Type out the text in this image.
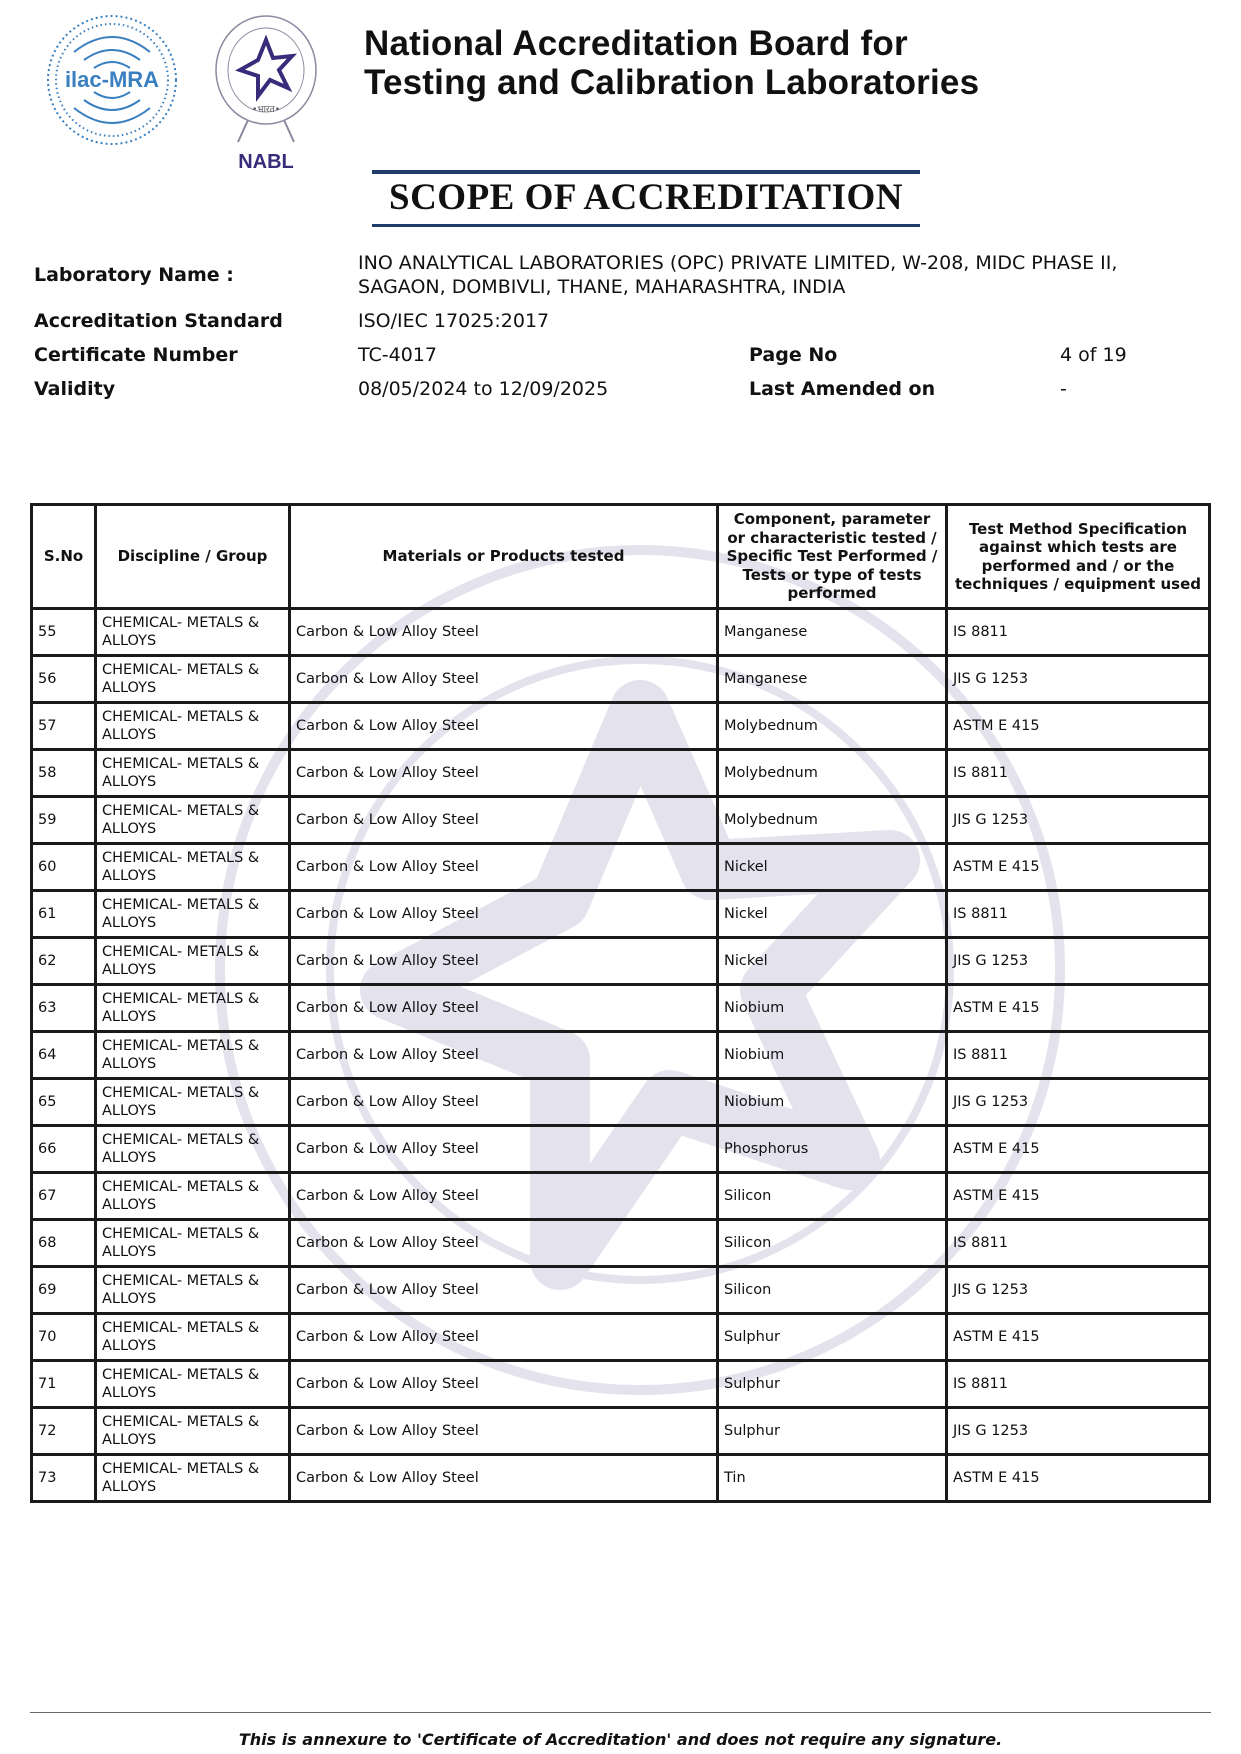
ilac-MRA
•भारत•
NABL
National Accreditation Board for
Testing and Calibration Laboratories
SCOPE OF ACCREDITATION
Laboratory Name :
INO ANALYTICAL LABORATORIES (OPC) PRIVATE LIMITED, W-208, MIDC PHASE II,
SAGAON, DOMBIVLI, THANE, MAHARASHTRA, INDIA
Accreditation Standard	ISO/IEC 17025:2017
Certificate Number	TC-4017	Page No	4 of 19
Validity	08/05/2024 to 12/09/2025	Last Amended on	-
S.No	Discipline / Group	Materials or Products tested	Component, parameter or characteristic tested / Specific Test Performed / Tests or type of tests performed	Test Method Specification against which tests are performed and / or the techniques / equipment used
55	CHEMICAL- METALS & ALLOYS	Carbon & Low Alloy Steel	Manganese	IS 8811
56	CHEMICAL- METALS & ALLOYS	Carbon & Low Alloy Steel	Manganese	JIS G 1253
57	CHEMICAL- METALS & ALLOYS	Carbon & Low Alloy Steel	Molybednum	ASTM E 415
58	CHEMICAL- METALS & ALLOYS	Carbon & Low Alloy Steel	Molybednum	IS 8811
59	CHEMICAL- METALS & ALLOYS	Carbon & Low Alloy Steel	Molybednum	JIS G 1253
60	CHEMICAL- METALS & ALLOYS	Carbon & Low Alloy Steel	Nickel	ASTM E 415
61	CHEMICAL- METALS & ALLOYS	Carbon & Low Alloy Steel	Nickel	IS 8811
62	CHEMICAL- METALS & ALLOYS	Carbon & Low Alloy Steel	Nickel	JIS G 1253
63	CHEMICAL- METALS & ALLOYS	Carbon & Low Alloy Steel	Niobium	ASTM E 415
64	CHEMICAL- METALS & ALLOYS	Carbon & Low Alloy Steel	Niobium	IS 8811
65	CHEMICAL- METALS & ALLOYS	Carbon & Low Alloy Steel	Niobium	JIS G 1253
66	CHEMICAL- METALS & ALLOYS	Carbon & Low Alloy Steel	Phosphorus	ASTM E 415
67	CHEMICAL- METALS & ALLOYS	Carbon & Low Alloy Steel	Silicon	ASTM E 415
68	CHEMICAL- METALS & ALLOYS	Carbon & Low Alloy Steel	Silicon	IS 8811
69	CHEMICAL- METALS & ALLOYS	Carbon & Low Alloy Steel	Silicon	JIS G 1253
70	CHEMICAL- METALS & ALLOYS	Carbon & Low Alloy Steel	Sulphur	ASTM E 415
71	CHEMICAL- METALS & ALLOYS	Carbon & Low Alloy Steel	Sulphur	IS 8811
72	CHEMICAL- METALS & ALLOYS	Carbon & Low Alloy Steel	Sulphur	JIS G 1253
73	CHEMICAL- METALS & ALLOYS	Carbon & Low Alloy Steel	Tin	ASTM E 415
This is annexure to 'Certificate of Accreditation' and does not require any signature.
